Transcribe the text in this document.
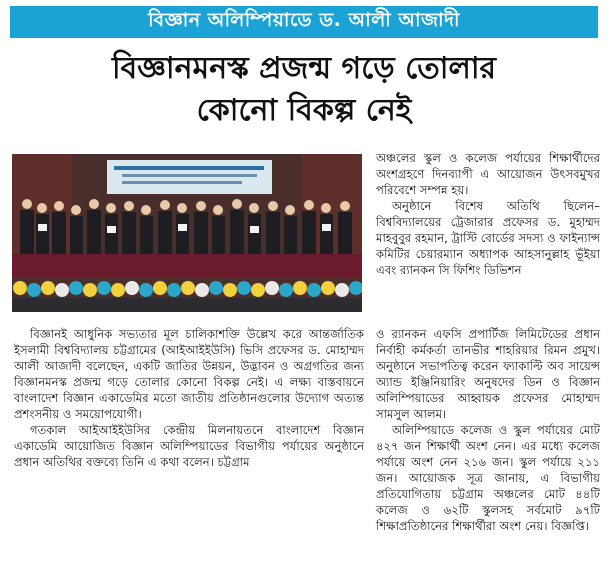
বিজ্ঞান অলিম্পিয়াডে ড. আলী আজাদী
বিজ্ঞানমনস্ক প্রজন্ম গড়ে তোলার
কোনো বিকল্প নেই

অঞ্চলের স্কুল ও কলেজ পর্যায়ের শিক্ষার্থীদের অংশগ্রহণে দিনব্যাপী এ আয়োজন উৎসবমুখর পরিবেশে সম্পন্ন হয়।

অনুষ্ঠানে বিশেষ অতিথি ছিলেন– বিশ্ববিদ্যালয়ের ট্রেজারার প্রফেসর ড. মুহাম্মদ মাহবুবুর রহমান, ট্রাস্টি বোর্ডের সদস্য ও ফাইন্যান্স কমিটির চেয়ারম্যান অধ্যাপক আহসানুল্লাহ ভূঁইয়া এবং র‍্যানকন সি ফিশিং ডিভিশন

বিজ্ঞানই আধুনিক সভ্যতার মূল চালিকাশক্তি উল্লেখ করে আন্তর্জাতিক ইসলামী বিশ্ববিদ্যালয় চট্টগ্রামের (আইআইইউসি) ভিসি প্রফেসর ড. মোহাম্মদ আলী আজাদী বলেছেন, একটি জাতির উন্নয়ন, উদ্ভাবন ও অগ্রগতির জন্য বিজ্ঞানমনস্ক প্রজন্ম গড়ে তোলার কোনো বিকল্প নেই। এ লক্ষ্য বাস্তবায়নে বাংলাদেশ বিজ্ঞান একাডেমির মতো জাতীয় প্রতিষ্ঠানগুলোর উদ্যোগ অত্যন্ত প্রশংসনীয় ও সময়োপযোগী।

গতকাল আইআইইউসির কেন্দ্রীয় মিলনায়তনে বাংলাদেশ বিজ্ঞান একাডেমি আয়োজিত বিজ্ঞান অলিম্পিয়াডের বিভাগীয় পর্যায়ের অনুষ্ঠানে প্রধান অতিথির বক্তব্যে তিনি এ কথা বলেন। চট্টগ্রাম

ও র‍্যানকন এফসি প্রপার্টিজ লিমিটেডের প্রধান নির্বাহী কর্মকর্তা তানভীর শাহরিয়ার রিমন প্রমুখ। অনুষ্ঠানে সভাপতিত্ব করেন ফ্যাকাল্টি অব সায়েন্স অ্যান্ড ইঞ্জিনিয়ারিং অনুষদের ডিন ও বিজ্ঞান অলিম্পিয়াডের আহ্বায়ক প্রফেসর মোহাম্মদ সামসুল আলম।

অলিম্পিয়াডে কলেজ ও স্কুল পর্যায়ের মোট ৪২৭ জন শিক্ষার্থী অংশ নেন। এর মধ্যে কলেজ পর্যায়ে অংশ নেন ২১৬ জন। স্কুল পর্যায়ে ২১১ জন। আয়োজক সূত্র জানায়, এ বিভাগীয় প্রতিযোগিতায় চট্টগ্রাম অঞ্চলের মোট ৪৪টি কলেজ ও ৬২টি স্কুলসহ সর্বমোট ৯৭টি শিক্ষাপ্রতিষ্ঠানের শিক্ষার্থীরা অংশ নেয়। বিজ্ঞপ্তি।
